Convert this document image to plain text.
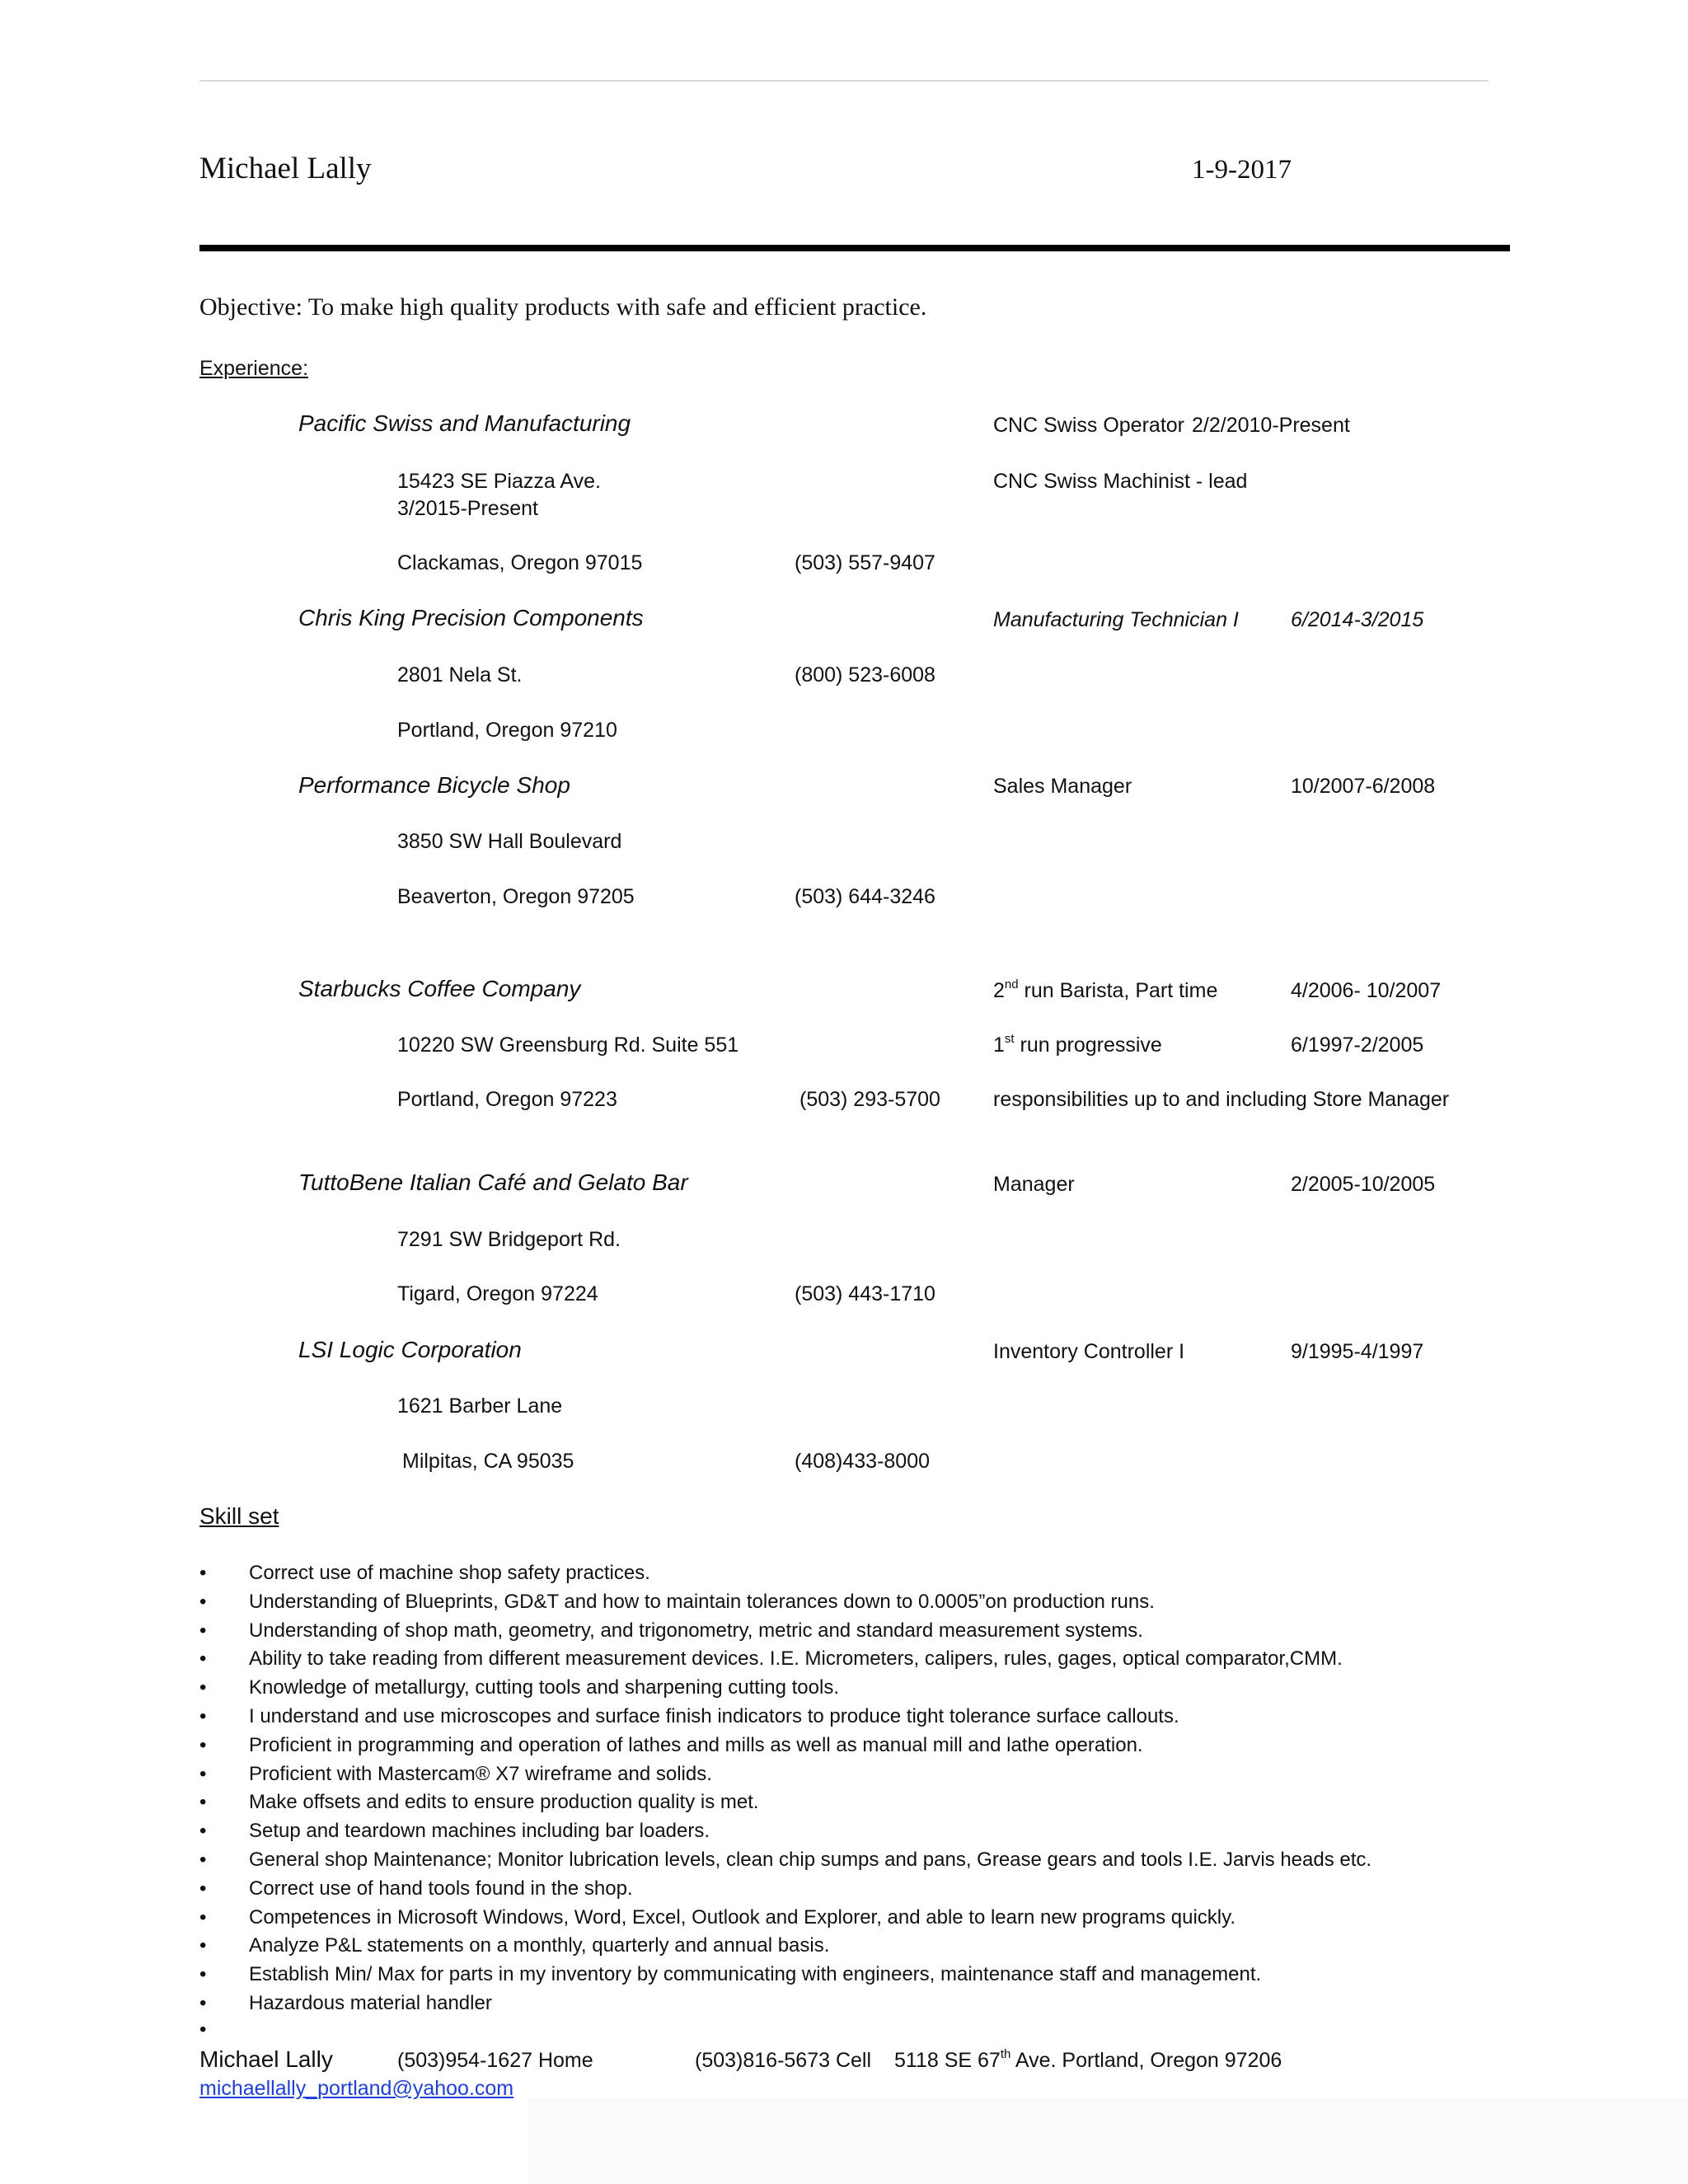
Michael Lally	1-9-2017
Objective: To make high quality products with safe and efficient practice.
Experience:
Pacific Swiss and Manufacturing	CNC Swiss Operator 2/2/2010-Present
15423 SE Piazza Ave.	CNC Swiss Machinist - lead
3/2015-Present
Clackamas, Oregon 97015	(503) 557-9407
Chris King Precision Components	Manufacturing Technician I	6/2014-3/2015
2801 Nela St.	(800) 523-6008
Portland, Oregon 97210
Performance Bicycle Shop	Sales Manager	10/2007-6/2008
3850 SW Hall Boulevard
Beaverton, Oregon 97205	(503) 644-3246
Starbucks Coffee Company	2nd run Barista, Part time	4/2006- 10/2007
10220 SW Greensburg Rd. Suite 551	1st run progressive	6/1997-2/2005
Portland, Oregon 97223	(503) 293-5700	responsibilities up to and including Store Manager
TuttoBene Italian Café and Gelato Bar	Manager	2/2005-10/2005
7291 SW Bridgeport Rd.
Tigard, Oregon 97224	(503) 443-1710
LSI Logic Corporation	Inventory Controller I	9/1995-4/1997
1621 Barber Lane
Milpitas, CA 95035	(408)433-8000
Skill set
• Correct use of machine shop safety practices.
• Understanding of Blueprints, GD&T and how to maintain tolerances down to 0.0005”on production runs.
• Understanding of shop math, geometry, and trigonometry, metric and standard measurement systems.
• Ability to take reading from different measurement devices. I.E. Micrometers, calipers, rules, gages, optical comparator,CMM.
• Knowledge of metallurgy, cutting tools and sharpening cutting tools.
• I understand and use microscopes and surface finish indicators to produce tight tolerance surface callouts.
• Proficient in programming and operation of lathes and mills as well as manual mill and lathe operation.
• Proficient with Mastercam® X7 wireframe and solids.
• Make offsets and edits to ensure production quality is met.
• Setup and teardown machines including bar loaders.
• General shop Maintenance; Monitor lubrication levels, clean chip sumps and pans, Grease gears and tools I.E. Jarvis heads etc.
• Correct use of hand tools found in the shop.
• Competences in Microsoft Windows, Word, Excel, Outlook and Explorer, and able to learn new programs quickly.
• Analyze P&L statements on a monthly, quarterly and annual basis.
• Establish Min/ Max for parts in my inventory by communicating with engineers, maintenance staff and management.
• Hazardous material handler
•
Michael Lally	(503)954-1627 Home	(503)816-5673 Cell 5118 SE 67th Ave. Portland, Oregon 97206
michaellally_portland@yahoo.com
